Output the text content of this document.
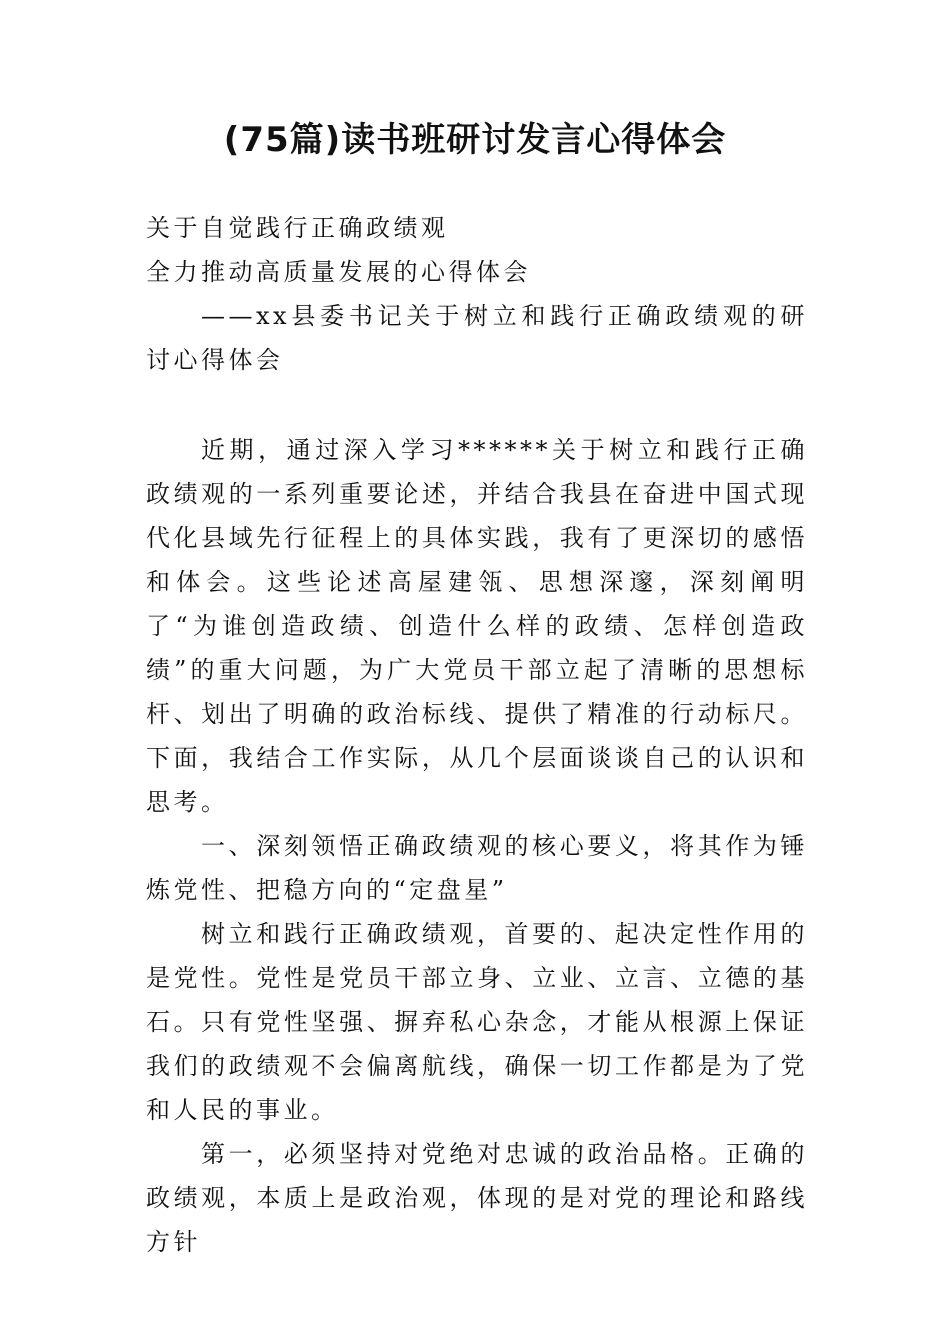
(75篇)读书班研讨发言心得体会

关于自觉践行正确政绩观

全力推动高质量发展的心得体会

——xx县委书记关于树立和践行正确政绩观的研讨心得体会

近期，通过深入学习******关于树立和践行正确政绩观的一系列重要论述，并结合我县在奋进中国式现代化县域先行征程上的具体实践，我有了更深切的感悟和体会。这些论述高屋建瓴、思想深邃，深刻阐明了“为谁创造政绩、创造什么样的政绩、怎样创造政绩”的重大问题，为广大党员干部立起了清晰的思想标杆、划出了明确的政治标线、提供了精准的行动标尺。下面，我结合工作实际，从几个层面谈谈自己的认识和思考。

一、深刻领悟正确政绩观的核心要义，将其作为锤炼党性、把稳方向的“定盘星”

树立和践行正确政绩观，首要的、起决定性作用的是党性。党性是党员干部立身、立业、立言、立德的基石。只有党性坚强、摒弃私心杂念，才能从根源上保证我们的政绩观不会偏离航线，确保一切工作都是为了党和人民的事业。

第一，必须坚持对党绝对忠诚的政治品格。正确的政绩观，本质上是政治观，体现的是对党的理论和路线方针
